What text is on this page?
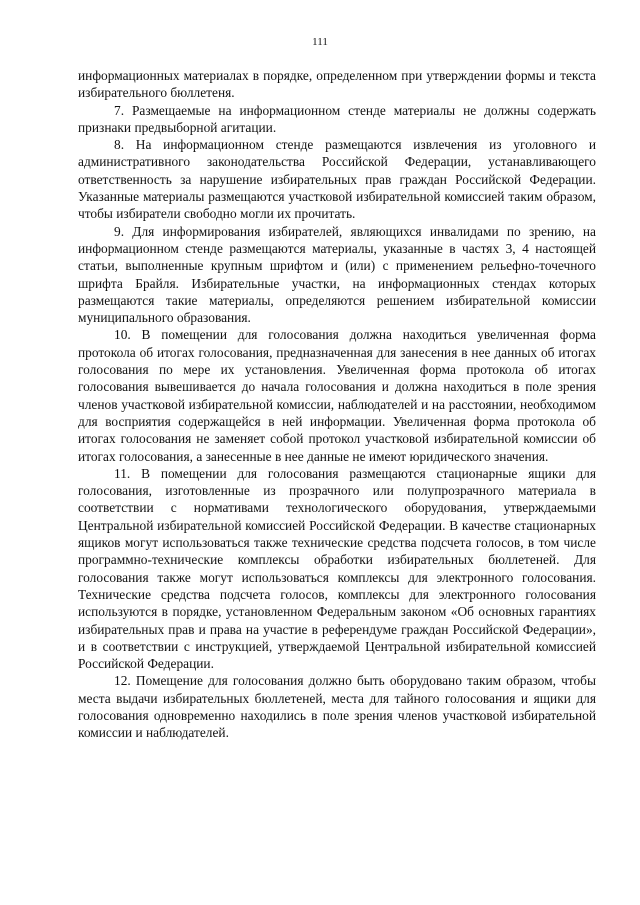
111

информационных материалах в порядке, определенном при утверждении формы и текста избирательного бюллетеня.

7. Размещаемые на информационном стенде материалы не должны содержать признаки предвыборной агитации.

8. На информационном стенде размещаются извлечения из уголовного и административного законодательства Российской Федерации, устанавливающего ответственность за нарушение избирательных прав граждан Российской Федерации. Указанные материалы размещаются участковой избирательной комиссией таким образом, чтобы избиратели свободно могли их прочитать.

9. Для информирования избирателей, являющихся инвалидами по зрению, на информационном стенде размещаются материалы, указанные в частях 3, 4 настоящей статьи, выполненные крупным шрифтом и (или) с применением рельефно-точечного шрифта Брайля. Избирательные участки, на информационных стендах которых размещаются такие материалы, определяются решением избирательной комиссии муниципального образования.

10. В помещении для голосования должна находиться увеличенная форма протокола об итогах голосования, предназначенная для занесения в нее данных об итогах голосования по мере их установления. Увеличенная форма протокола об итогах голосования вывешивается до начала голосования и должна находиться в поле зрения членов участковой избирательной комиссии, наблюдателей и на расстоянии, необходимом для восприятия содержащейся в ней информации. Увеличенная форма протокола об итогах голосования не заменяет собой протокол участковой избирательной комиссии об итогах голосования, а занесенные в нее данные не имеют юридического значения.

11. В помещении для голосования размещаются стационарные ящики для голосования, изготовленные из прозрачного или полупрозрачного материала в соответствии с нормативами технологического оборудования, утверждаемыми Центральной избирательной комиссией Российской Федерации. В качестве стационарных ящиков могут использоваться также технические средства подсчета голосов, в том числе программно-технические комплексы обработки избирательных бюллетеней. Для голосования также могут использоваться комплексы для электронного голосования. Технические средства подсчета голосов, комплексы для электронного голосования используются в порядке, установленном Федеральным законом «Об основных гарантиях избирательных прав и права на участие в референдуме граждан Российской Федерации», и в соответствии с инструкцией, утверждаемой Центральной избирательной комиссией Российской Федерации.

12. Помещение для голосования должно быть оборудовано таким образом, чтобы места выдачи избирательных бюллетеней, места для тайного голосования и ящики для голосования одновременно находились в поле зрения членов участковой избирательной комиссии и наблюдателей.
